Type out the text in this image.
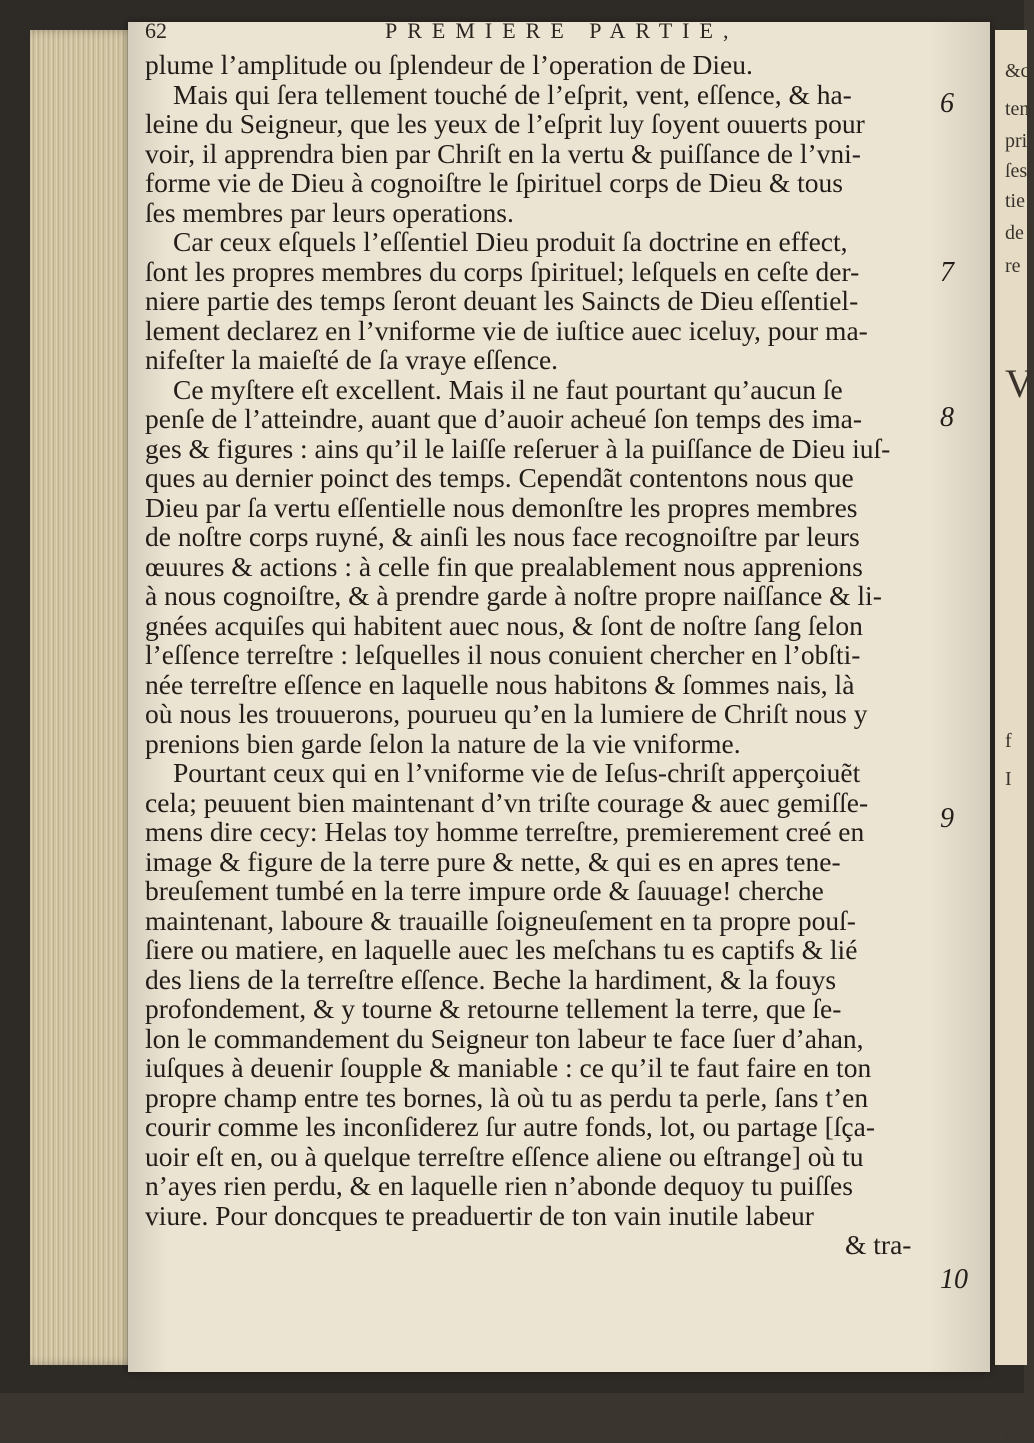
&c
ten
pri
ſes
tie
de l
re
V
f
I
c
62	PREMIERE PARTIE,
plume l’amplitude ou ſplendeur de l’operation de Dieu.
Mais qui ſera tellement touché de l’eſprit, vent, eſſence, & ha-
leine du Seigneur, que les yeux de l’eſprit luy ſoyent ouuerts pour
voir, il apprendra bien par Chriſt en la vertu & puiſſance de l’vni-
forme vie de Dieu à cognoiſtre le ſpirituel corps de Dieu & tous
ſes membres par leurs operations.
Car ceux eſquels l’eſſentiel Dieu produit ſa doctrine en effect,
ſont les propres membres du corps ſpirituel; leſquels en ceſte der-
niere partie des temps ſeront deuant les Saincts de Dieu eſſentiel-
lement declarez en l’vniforme vie de iuſtice auec iceluy, pour ma-
nifeſter la maieſté de ſa vraye eſſence.
Ce myſtere eſt excellent. Mais il ne faut pourtant qu’aucun ſe
penſe de l’atteindre, auant que d’auoir acheué ſon temps des ima-
ges & figures : ains qu’il le laiſſe reſeruer à la puiſſance de Dieu iuſ-
ques au dernier poinct des temps. Cependãt contentons nous que
Dieu par ſa vertu eſſentielle nous demonſtre les propres membres
de noſtre corps ruyné, & ainſi les nous face recognoiſtre par leurs
œuures & actions : à celle fin que prealablement nous apprenions
à nous cognoiſtre, & à prendre garde à noſtre propre naiſſance & li-
gnées acquiſes qui habitent auec nous, & ſont de noſtre ſang ſelon
l’eſſence terreſtre : leſquelles il nous conuient chercher en l’obſti-
née terreſtre eſſence en laquelle nous habitons & ſommes nais, là
où nous les trouuerons, pourueu qu’en la lumiere de Chriſt nous y
prenions bien garde ſelon la nature de la vie vniforme.
Pourtant ceux qui en l’vniforme vie de Ieſus-chriſt apperçoiuẽt
cela; peuuent bien maintenant d’vn triſte courage & auec gemiſſe-
mens dire cecy: Helas toy homme terreſtre, premierement creé en
image & figure de la terre pure & nette, & qui es en apres tene-
breuſement tumbé en la terre impure orde & ſauuage! cherche
maintenant, laboure & trauaille ſoigneuſement en ta propre pouſ-
ſiere ou matiere, en laquelle auec les meſchans tu es captifs & lié
des liens de la terreſtre eſſence. Beche la hardiment, & la fouys
profondement, & y tourne & retourne tellement la terre, que ſe-
lon le commandement du Seigneur ton labeur te face ſuer d’ahan,
iuſques à deuenir ſoupple & maniable : ce qu’il te faut faire en ton
propre champ entre tes bornes, là où tu as perdu ta perle, ſans t’en
courir comme les inconſiderez ſur autre fonds, lot, ou partage [ſça-
uoir eſt en, ou à quelque terreſtre eſſence aliene ou eſtrange] où tu
n’ayes rien perdu, & en laquelle rien n’abonde dequoy tu puiſſes
viure. Pour doncques te preaduertir de ton vain inutile labeur
& tra-
6
7
8
9
10
